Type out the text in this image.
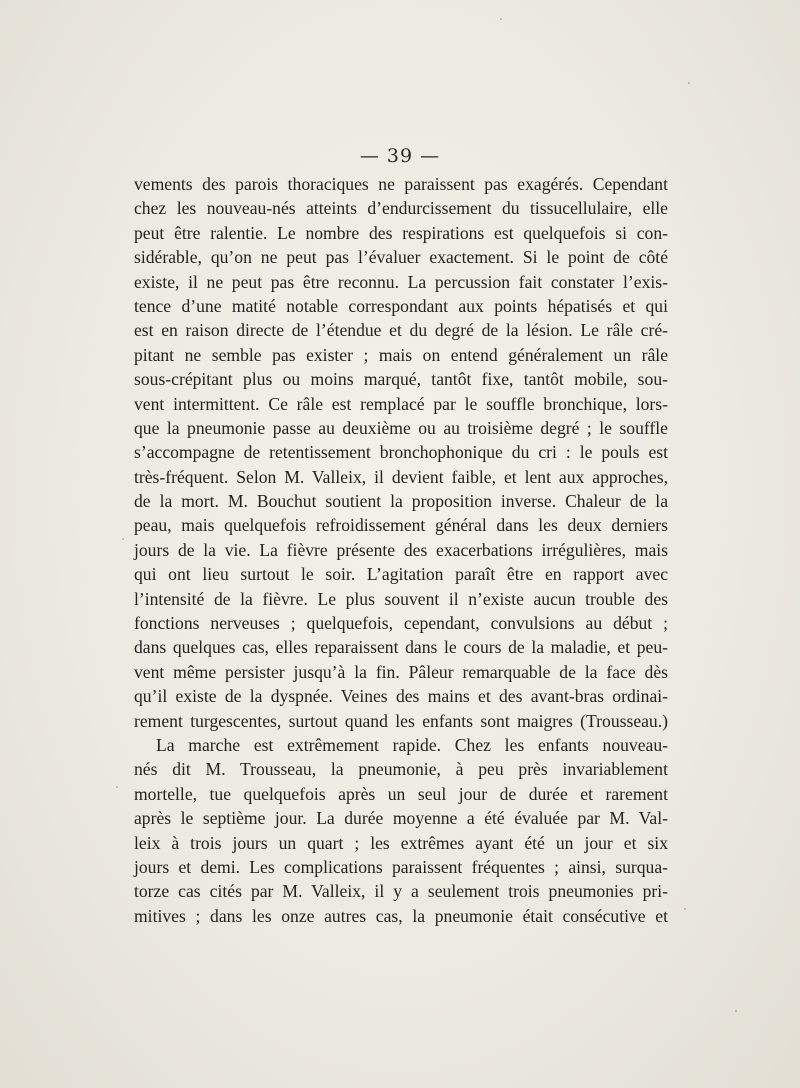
— 39 —
vements des parois thoraciques ne paraissent pas exagérés. Cependant
chez les nouveau-nés atteints d’endurcissement du tissucellulaire, elle
peut être ralentie. Le nombre des respirations est quelquefois si con-
sidérable, qu’on ne peut pas l’évaluer exactement. Si le point de côté
existe, il ne peut pas être reconnu. La percussion fait constater l’exis-
tence d’une matité notable correspondant aux points hépatisés et qui
est en raison directe de l’étendue et du degré de la lésion. Le râle cré-
pitant ne semble pas exister ; mais on entend généralement un râle
sous-crépitant plus ou moins marqué, tantôt fixe, tantôt mobile, sou-
vent intermittent. Ce râle est remplacé par le souffle bronchique, lors-
que la pneumonie passe au deuxième ou au troisième degré ; le souffle
s’accompagne de retentissement bronchophonique du cri : le pouls est
très-fréquent. Selon M. Valleix, il devient faible, et lent aux approches,
de la mort. M. Bouchut soutient la proposition inverse. Chaleur de la
peau, mais quelquefois refroidissement général dans les deux derniers
jours de la vie. La fièvre présente des exacerbations irrégulières, mais
qui ont lieu surtout le soir. L’agitation paraît être en rapport avec
l’intensité de la fièvre. Le plus souvent il n’existe aucun trouble des
fonctions nerveuses ; quelquefois, cependant, convulsions au début ;
dans quelques cas, elles reparaissent dans le cours de la maladie, et peu-
vent même persister jusqu’à la fin. Pâleur remarquable de la face dès
qu’il existe de la dyspnée. Veines des mains et des avant-bras ordinai-
rement turgescentes, surtout quand les enfants sont maigres (Trousseau.)
La marche est extrêmement rapide. Chez les enfants nouveau-
nés dit M. Trousseau, la pneumonie, à peu près invariablement
mortelle, tue quelquefois après un seul jour de durée et rarement
après le septième jour. La durée moyenne a été évaluée par M. Val-
leix à trois jours un quart ; les extrêmes ayant été un jour et six
jours et demi. Les complications paraissent fréquentes ; ainsi, surqua-
torze cas cités par M. Valleix, il y a seulement trois pneumonies pri-
mitives ; dans les onze autres cas, la pneumonie était consécutive et
